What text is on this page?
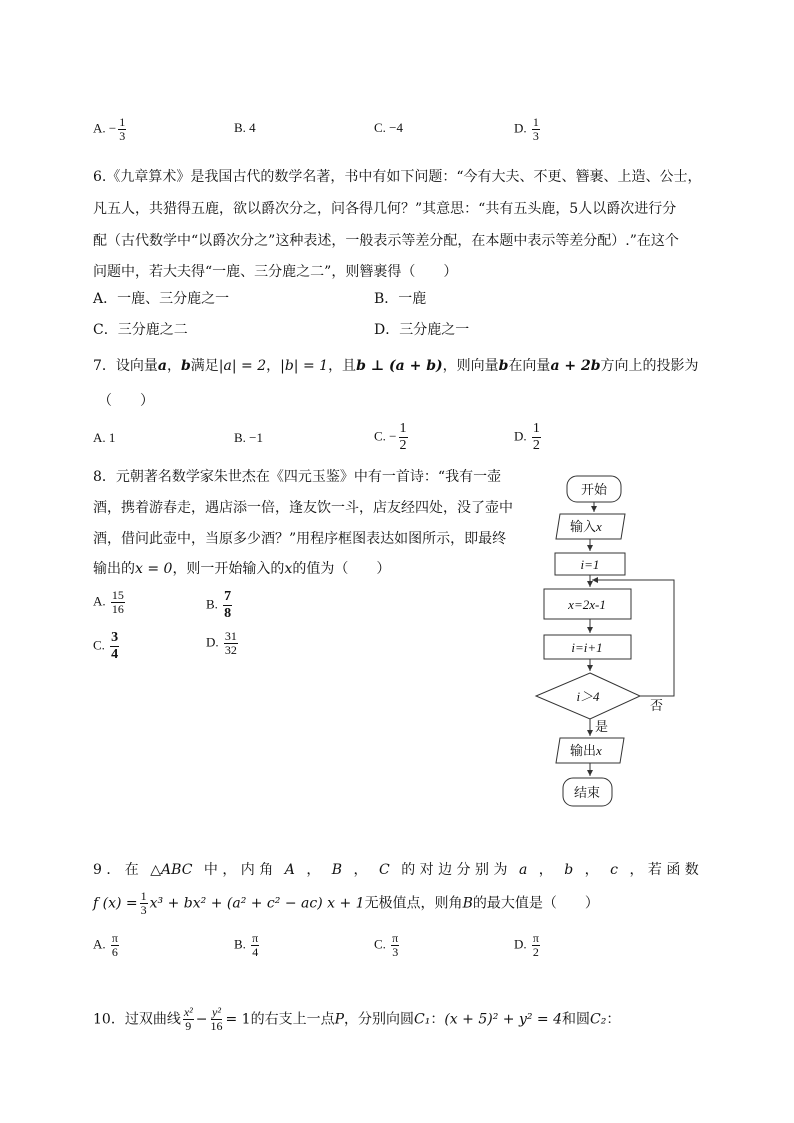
A. − $\frac{1}{3}$	B. 4	C. −4	D. $\frac{1}{3}$
6.《九章算术》是我国古代的数学名著，书中有如下问题：“今有大夫、不更、簪裹、上造、公士，
凡五人，共猎得五鹿，欲以爵次分之，问各得几何？”其意思：“共有五头鹿，5人以爵次进行分
配（古代数学中“以爵次分之”这种表述，一般表示等差分配，在本题中表示等差分配）.”在这个
问题中，若大夫得“一鹿、三分鹿之二”，则簪裹得（　　）
A．一鹿、三分鹿之一	B．一鹿
C．三分鹿之二	D．三分鹿之一
7．设向量a，b满足|a| = 2，|b| = 1，且b ⊥ (a + b)，则向量b在向量a + 2b方向上的投影为
（　　）
A. 1	B. −1	C. − $\frac{1}{2}$	D. $\frac{1}{2}$
8．元朝著名数学家朱世杰在《四元玉鉴》中有一首诗：“我有一壶
酒，携着游春走，遇店添一倍，逢友饮一斗，店友经四处，没了壶中
酒，借问此壶中，当原多少酒？”用程序框图表达如图所示，即最终
输出的x = 0，则一开始输入的x的值为（　　）
A. $\frac{15}{16}$	B. $\frac{7}{8}$
C. $\frac{3}{4}$	D. $\frac{31}{32}$
开始
输入x
i=1
x=2x-1
i=i+1
i＞4
否
是
输出x
结束
9 ． 在 △ABC 中 ， 内 角 A ， B ， C 的 对 边 分 别 为 a ， b ， c ， 若 函 数
f $(x) = \frac{1}{3} x^3 + bx^2 + (a^2 + c^2 - ac) x + 1$无极值点，则角B的最大值是（　　）
A. $\frac{\pi}{6}$	B. $\frac{\pi}{4}$	C. $\frac{\pi}{3}$	D. $\frac{\pi}{2}$
10．过双曲线 $\frac{\text{x²}}{9} - \frac{\text{y²}}{16} = 1$的右支上一点P，分别向圆C₁：(x + 5)² + y² = 4和圆C₂：
